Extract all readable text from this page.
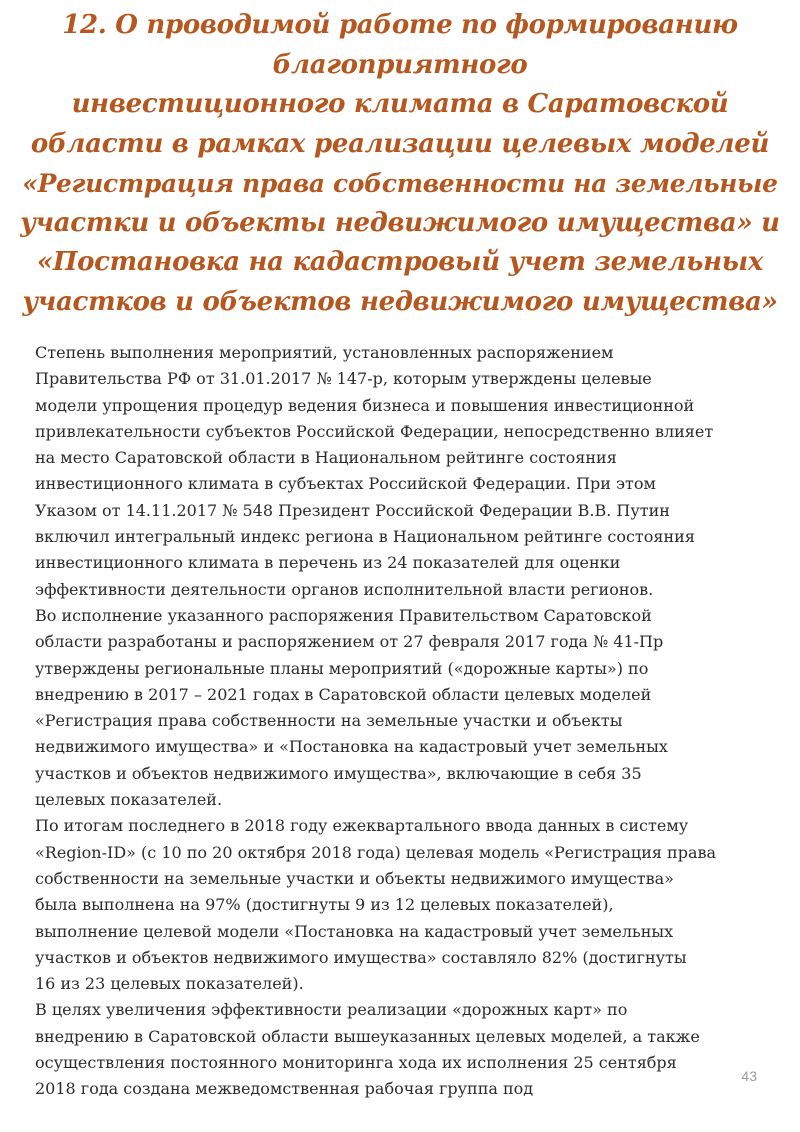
12. О проводимой работе по формированию
благоприятного
инвестиционного климата в Саратовской
области в рамках реализации целевых моделей
«Регистрация права собственности на земельные
участки и объекты недвижимого имущества» и
«Постановка на кадастровый учет земельных
участков и объектов недвижимого имущества»
Степень выполнения мероприятий, установленных распоряжением
Правительства РФ от 31.01.2017 № 147-р, которым утверждены целевые
модели упрощения процедур ведения бизнеса и повышения инвестиционной
привлекательности субъектов Российской Федерации, непосредственно влияет
на место Саратовской области в Национальном рейтинге состояния
инвестиционного климата в субъектах Российской Федерации. При этом
Указом от 14.11.2017 № 548 Президент Российской Федерации В.В. Путин
включил интегральный индекс региона в Национальном рейтинге состояния
инвестиционного климата в перечень из 24 показателей для оценки
эффективности деятельности органов исполнительной власти регионов.
Во исполнение указанного распоряжения Правительством Саратовской
области разработаны и распоряжением от 27 февраля 2017 года № 41-Пр
утверждены региональные планы мероприятий («дорожные карты») по
внедрению в 2017 – 2021 годах в Саратовской области целевых моделей
«Регистрация права собственности на земельные участки и объекты
недвижимого имущества» и «Постановка на кадастровый учет земельных
участков и объектов недвижимого имущества», включающие в себя 35
целевых показателей.
По итогам последнего в 2018 году ежеквартального ввода данных в систему
«Region-ID» (с 10 по 20 октября 2018 года) целевая модель «Регистрация права
собственности на земельные участки и объекты недвижимого имущества»
была выполнена на 97% (достигнуты 9 из 12 целевых показателей),
выполнение целевой модели «Постановка на кадастровый учет земельных
участков и объектов недвижимого имущества» составляло 82% (достигнуты
16 из 23 целевых показателей).
В целях увеличения эффективности реализации «дорожных карт» по
внедрению в Саратовской области вышеуказанных целевых моделей, а также
осуществления постоянного мониторинга хода их исполнения 25 сентября
2018 года создана межведомственная рабочая группа под
43
